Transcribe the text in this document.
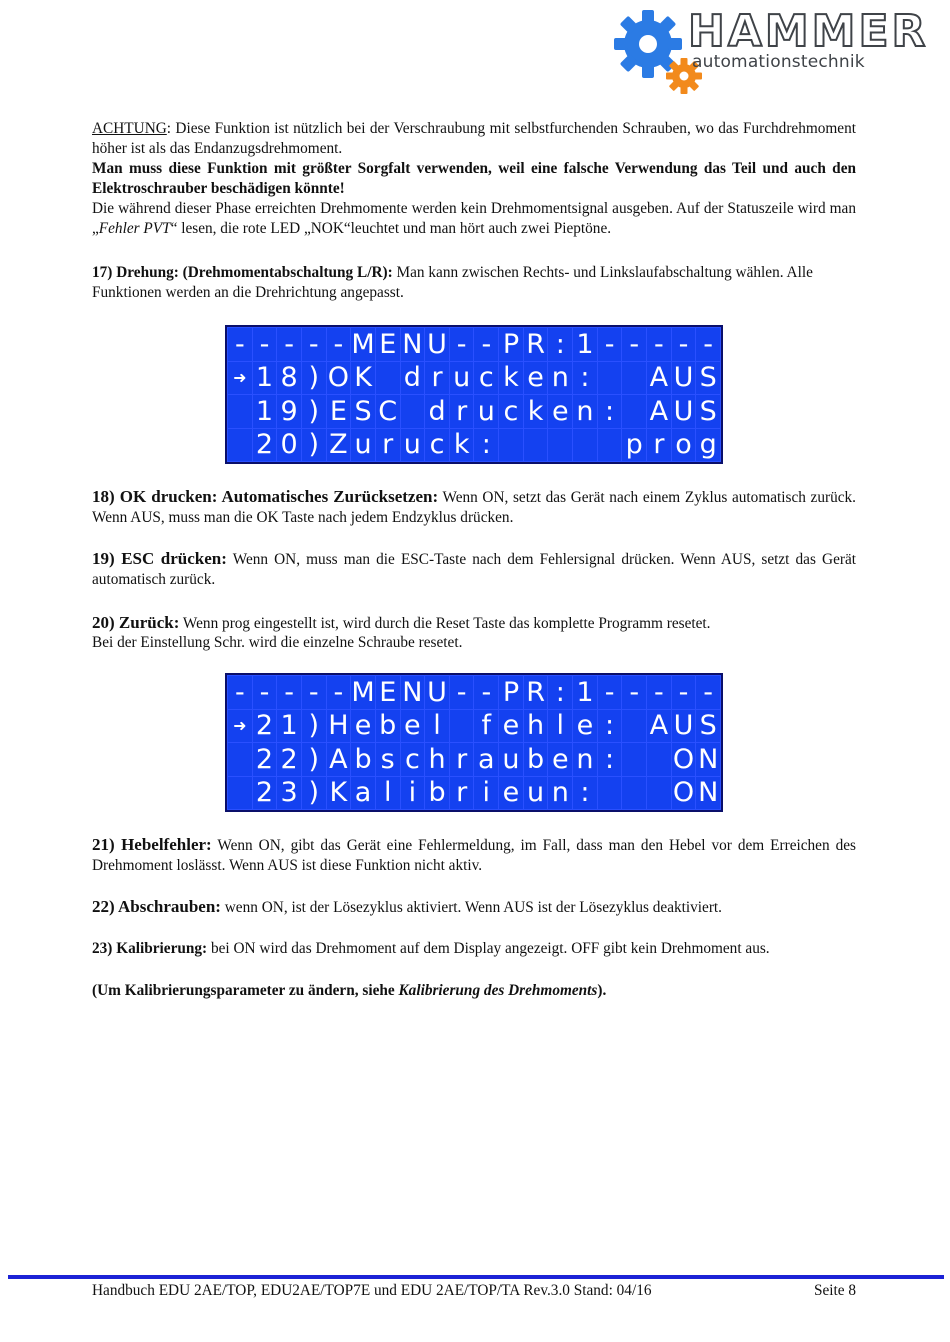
HAMMER
automationstechnik

ACHTUNG: Diese Funktion ist nützlich bei der Verschraubung mit selbstfurchenden Schrauben, wo das Furchdrehmoment höher ist als das Endanzugsdrehmoment.

Man muss diese Funktion mit größter Sorgfalt verwenden, weil eine falsche Verwendung das Teil und auch den Elektroschrauber beschädigen könnte!

Die während dieser Phase erreichten Drehmomente werden kein Drehmomentsignal ausgeben. Auf der Statuszeile wird man „Fehler PVT“ lesen, die rote LED „NOK“leuchtet und man hört auch zwei Pieptöne.

17) Drehung: (Drehmomentabschaltung L/R): Man kann zwischen Rechts- und Linkslaufabschaltung wählen. Alle Funktionen werden an die Drehrichtung angepasst.

- - - - - M E N U - - P R : 1 - - - - -
➜ 1 8 ) O K d r u c k e n : A U S
1 9 ) E S C d r u c k e n : A U S
2 0 ) Z u r u c k :	p r o g

18) OK drucken: Automatisches Zurücksetzen: Wenn ON, setzt das Gerät nach einem Zyklus automatisch zurück. Wenn AUS, muss man die OK Taste nach jedem Endzyklus drücken.

19) ESC drücken: Wenn ON, muss man die ESC-Taste nach dem Fehlersignal drücken. Wenn AUS, setzt das Gerät automatisch zurück.

20) Zurück: Wenn prog eingestellt ist, wird durch die Reset Taste das komplette Programm resetet.

Bei der Einstellung Schr. wird die einzelne Schraube resetet.

- - - - - M E N U - - P R : 1 - - - - -
➜ 2 1 ) H e b e l f e h l e : A U S
2 2 ) A b s c h r a u b e n : O N
2 3 ) K a l i b r i e u n :	O N

21) Hebelfehler: Wenn ON, gibt das Gerät eine Fehlermeldung, im Fall, dass man den Hebel vor dem Erreichen des Drehmoment loslässt. Wenn AUS ist diese Funktion nicht aktiv.

22) Abschrauben: wenn ON, ist der Lösezyklus aktiviert. Wenn AUS ist der Lösezyklus deaktiviert.

23) Kalibrierung: bei ON wird das Drehmoment auf dem Display angezeigt. OFF gibt kein Drehmoment aus.

(Um Kalibrierungsparameter zu ändern, siehe Kalibrierung des Drehmoments).

Handbuch EDU 2AE/TOP, EDU2AE/TOP7E und EDU 2AE/TOP/TA Rev.3.0 Stand: 04/16	Seite 8
